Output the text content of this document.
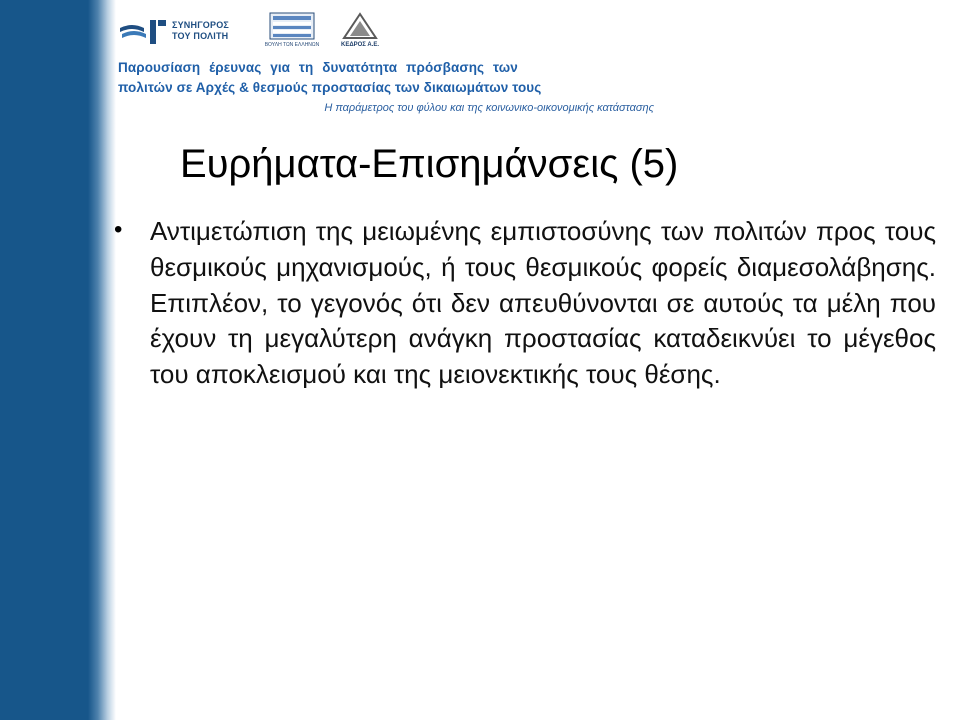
ΣΥΝΗΓΟΡΟΣ
ΤΟΥ ΠΟΛΙΤΗ
ΒΟΥΛΗ ΤΩΝ ΕΛΛΗΝΩΝ	ΚΕΔΡΟΣ Α.Ε.
Παρουσίαση έρευνας για τη δυνατότητα πρόσβασης των
πολιτών σε Αρχές & θεσμούς προστασίας των δικαιωμάτων τους
Η παράμετρος του φύλου και της κοινωνικο-οικονομικής κατάστασης
Ευρήματα-Επισημάνσεις (5)
• Αντιμετώπιση της μειωμένης εμπιστοσύνης των πολιτών προς τους θεσμικούς μηχανισμούς, ή τους θεσμικούς φορείς διαμεσολάβησης. Επιπλέον, το γεγονός ότι δεν απευθύνονται σε αυτούς τα μέλη που έχουν τη μεγαλύτερη ανάγκη προστασίας καταδεικνύει το μέγεθος του αποκλεισμού και της μειονεκτικής τους θέσης.
